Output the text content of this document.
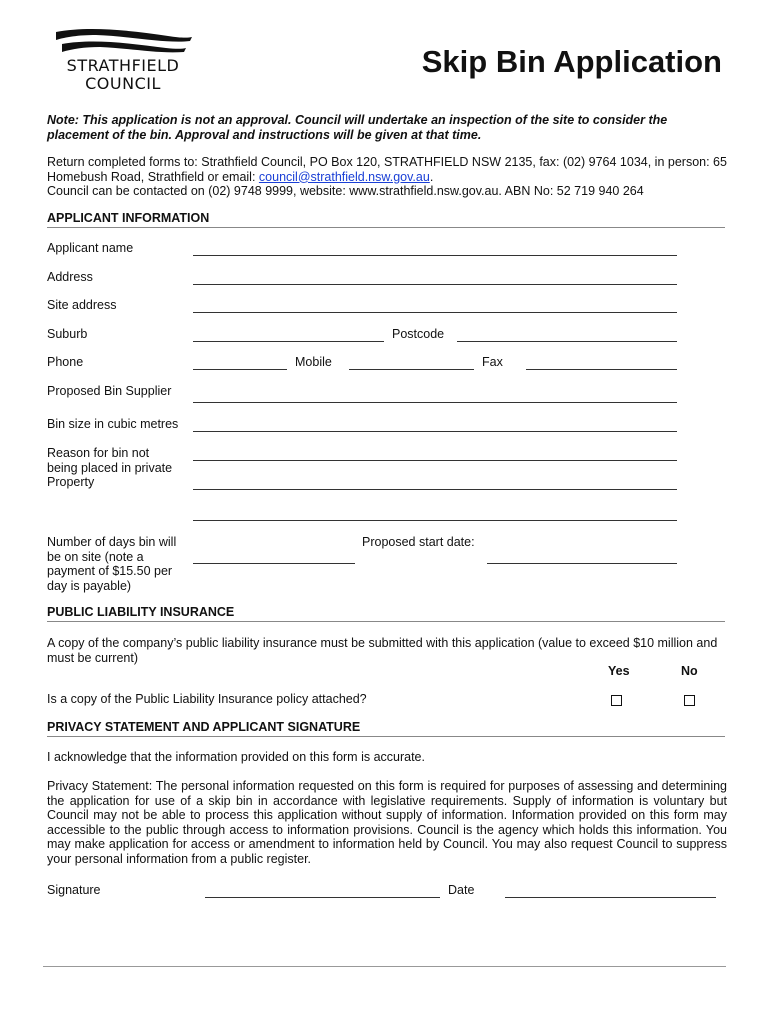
STRATHFIELD
COUNCIL
Skip Bin Application
Note: This application is not an approval. Council will undertake an inspection of the site to consider the placement of the bin. Approval and instructions will be given at that time.
Return completed forms to: Strathfield Council, PO Box 120, STRATHFIELD NSW 2135, fax: (02) 9764 1034, in person: 65 Homebush Road, Strathfield or email: council@strathfield.nsw.gov.au.
Council can be contacted on (02) 9748 9999, website: www.strathfield.nsw.gov.au. ABN No: 52 719 940 264
APPLICANT INFORMATION
Applicant name
Address
Site address
Suburb	Postcode
Phone	Mobile	Fax
Proposed Bin Supplier
Bin size in cubic metres
Reason for bin not
being placed in private
Property
Number of days bin will
be on site (note a
payment of $15.50 per
day is payable)
Proposed start date:
PUBLIC LIABILITY INSURANCE
A copy of the company’s public liability insurance must be submitted with this application (value to exceed $10 million and must be current)
Yes	No
Is a copy of the Public Liability Insurance policy attached?
PRIVACY STATEMENT AND APPLICANT SIGNATURE
I acknowledge that the information provided on this form is accurate.
Privacy Statement: The personal information requested on this form is required for purposes of assessing and determining the application for use of a skip bin in accordance with legislative requirements. Supply of information is voluntary but Council may not be able to process this application without supply of information. Information provided on this form may accessible to the public through access to information provisions. Council is the agency which holds this information. You may make application for access or amendment to information held by Council. You may also request Council to suppress your personal information from a public register.
Signature	Date
